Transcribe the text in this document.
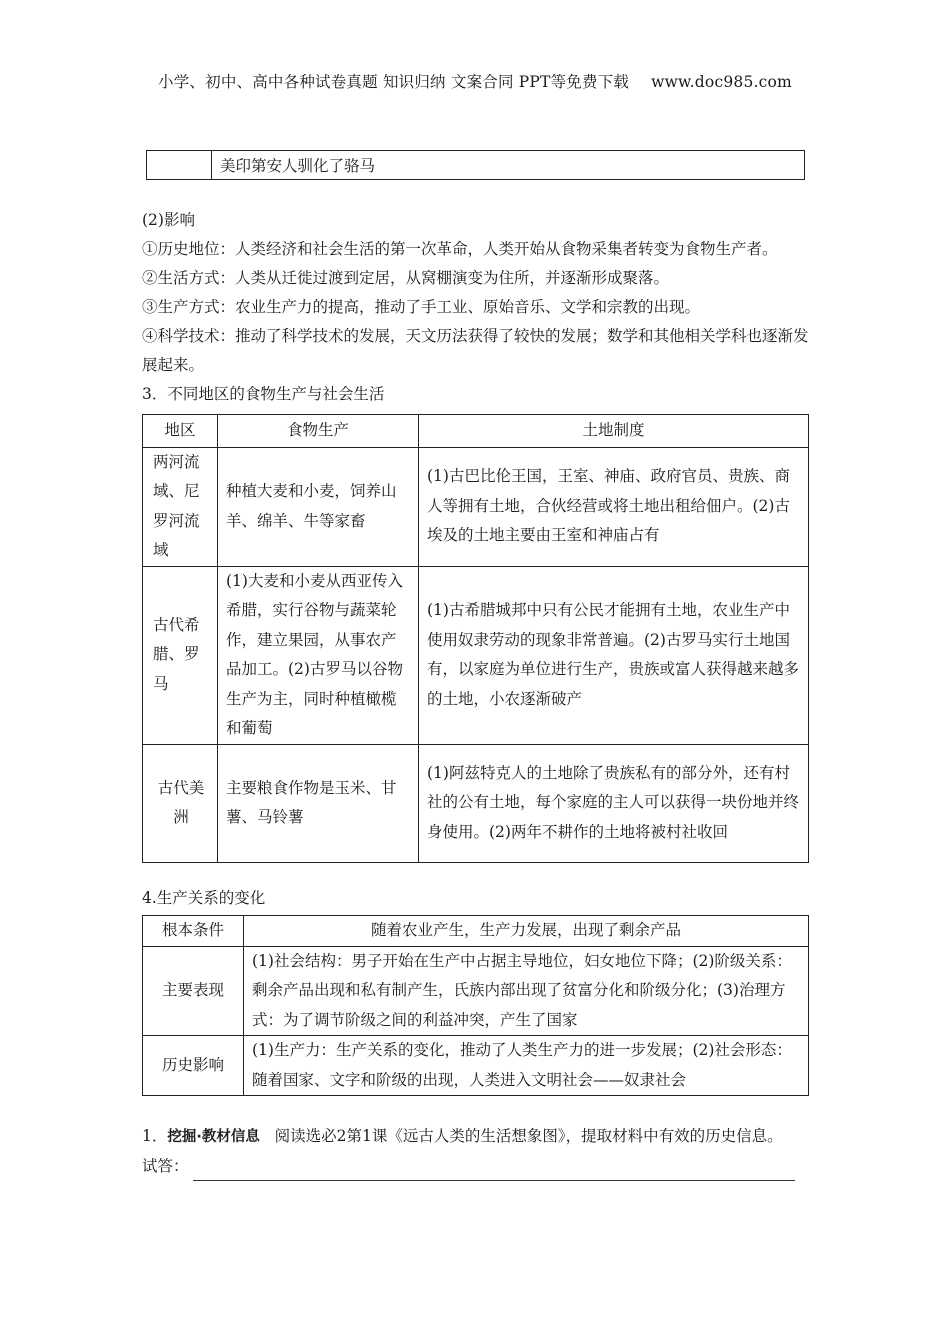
小学、初中、高中各种试卷真题 知识归纳 文案合同 PPT等免费下载 www.doc985.com
	美印第安人驯化了骆马

(2)影响

①历史地位：人类经济和社会生活的第一次革命，人类开始从食物采集者转变为食物生产者。

②生活方式：人类从迁徙过渡到定居，从窝棚演变为住所，并逐渐形成聚落。

③生产方式：农业生产力的提高，推动了手工业、原始音乐、文学和宗教的出现。

④科学技术：推动了科学技术的发展，天文历法获得了较快的发展；数学和其他相关学科也逐渐发展起来。

3．不同地区的食物生产与社会生活

地区	食物生产	土地制度
两河流域、尼罗河流域	种植大麦和小麦，饲养山羊、绵羊、牛等家畜	(1)古巴比伦王国，王室、神庙、政府官员、贵族、商人等拥有土地，合伙经营或将土地出租给佃户。(2)古埃及的土地主要由王室和神庙占有
古代希腊、罗马	(1)大麦和小麦从西亚传入希腊，实行谷物与蔬菜轮作，建立果园，从事农产品加工。(2)古罗马以谷物生产为主，同时种植橄榄和葡萄	(1)古希腊城邦中只有公民才能拥有土地，农业生产中使用奴隶劳动的现象非常普遍。(2)古罗马实行土地国有，以家庭为单位进行生产，贵族或富人获得越来越多的土地，小农逐渐破产
古代美洲	主要粮食作物是玉米、甘薯、马铃薯	(1)阿兹特克人的土地除了贵族私有的部分外，还有村社的公有土地，每个家庭的主人可以获得一块份地并终身使用。(2)两年不耕作的土地将被村社收回
4.生产关系的变化
根本条件	随着农业产生，生产力发展，出现了剩余产品
主要表现	(1)社会结构：男子开始在生产中占据主导地位，妇女地位下降；(2)阶级关系：剩余产品出现和私有制产生，氏族内部出现了贫富分化和阶级分化；(3)治理方式：为了调节阶级之间的利益冲突，产生了国家
历史影响	(1)生产力：生产关系的变化，推动了人类生产力的进一步发展；(2)社会形态：随着国家、文字和阶级的出现，人类进入文明社会——奴隶社会

1．挖掘·教材信息 阅读选必2第1课《远古人类的生活想象图》，提取材料中有效的历史信息。

试答：
